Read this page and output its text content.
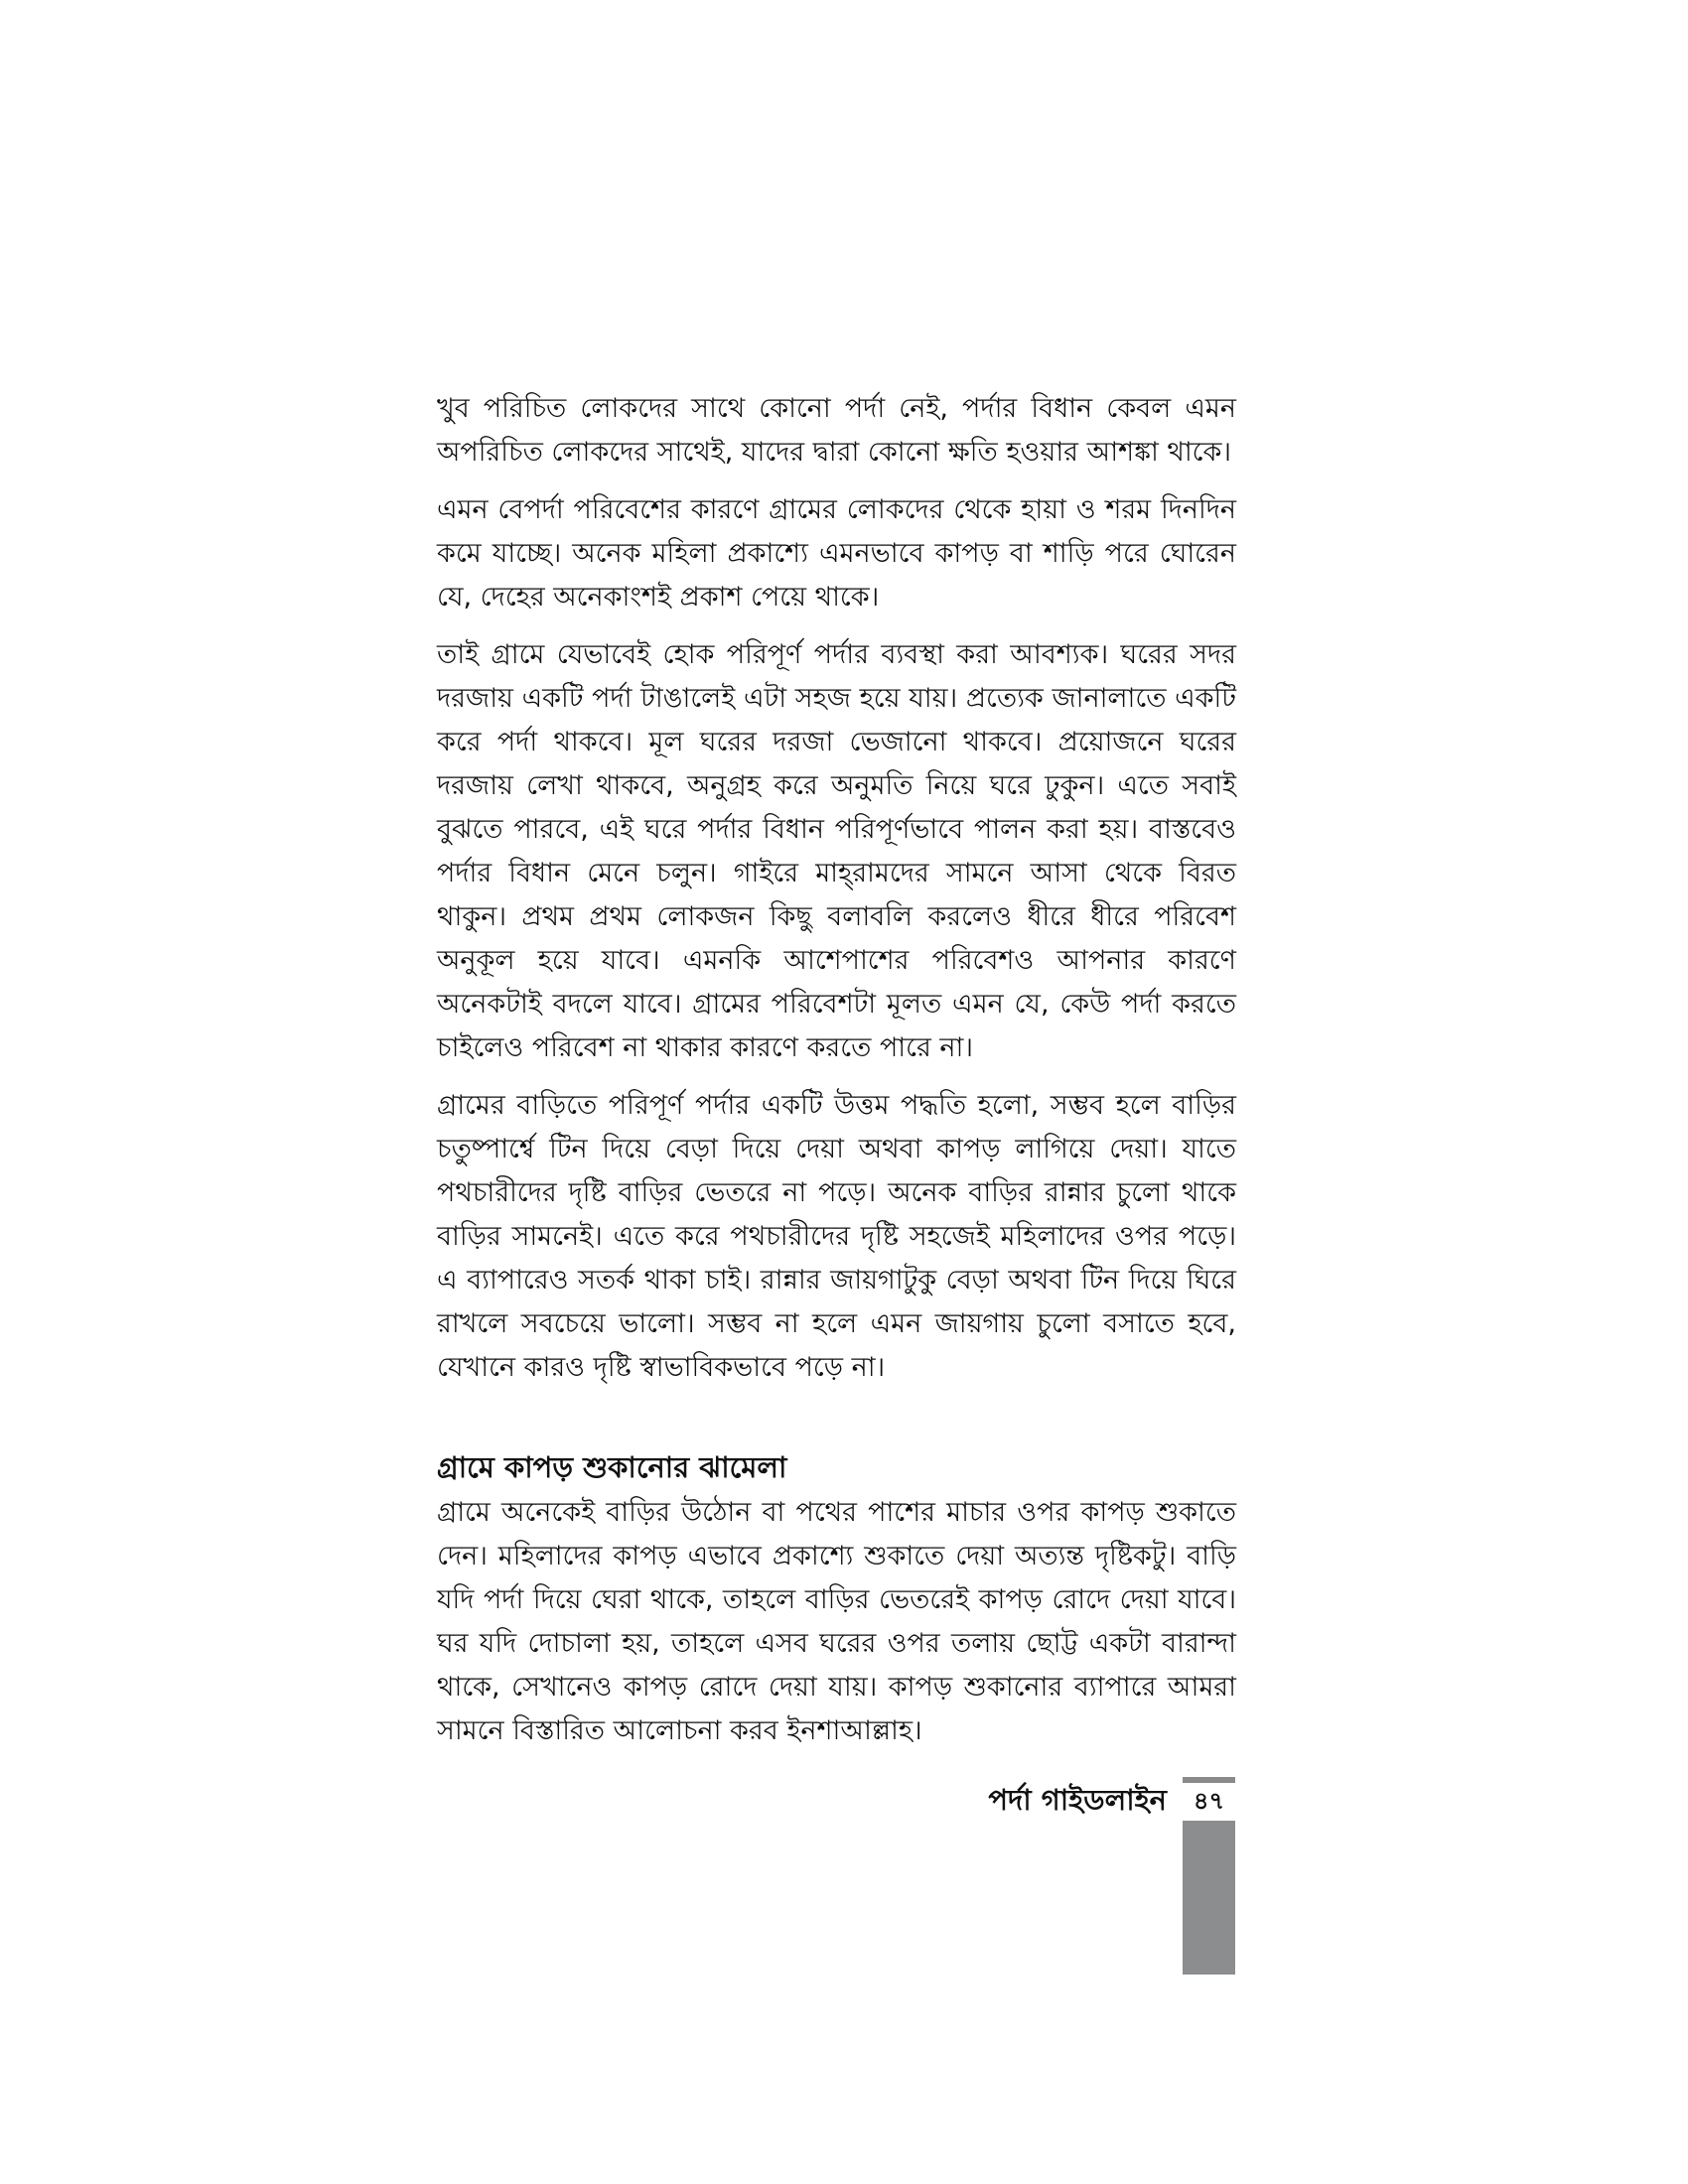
খুব পরিচিত লোকদের সাথে কোনো পর্দা নেই, পর্দার বিধান কেবল এমন অপরিচিত লোকদের সাথেই, যাদের দ্বারা কোনো ক্ষতি হওয়ার আশঙ্কা থাকে।

এমন বেপর্দা পরিবেশের কারণে গ্রামের লোকদের থেকে হায়া ও শরম দিনদিন কমে যাচ্ছে। অনেক মহিলা প্রকাশ্যে এমনভাবে কাপড় বা শাড়ি পরে ঘোরেন যে, দেহের অনেকাংশই প্রকাশ পেয়ে থাকে।

তাই গ্রামে যেভাবেই হোক পরিপূর্ণ পর্দার ব্যবস্থা করা আবশ্যক। ঘরের সদর দরজায় একটি পর্দা টাঙালেই এটা সহজ হয়ে যায়। প্রত্যেক জানালাতে একটি করে পর্দা থাকবে। মূল ঘরের দরজা ভেজানো থাকবে। প্রয়োজনে ঘরের দরজায় লেখা থাকবে, অনুগ্রহ করে অনুমতি নিয়ে ঘরে ঢুকুন। এতে সবাই বুঝতে পারবে, এই ঘরে পর্দার বিধান পরিপূর্ণভাবে পালন করা হয়। বাস্তবেও পর্দার বিধান মেনে চলুন। গাইরে মাহ্‌রামদের সামনে আসা থেকে বিরত থাকুন। প্রথম প্রথম লোকজন কিছু বলাবলি করলেও ধীরে ধীরে পরিবেশ অনুকূল হয়ে যাবে। এমনকি আশেপাশের পরিবেশও আপনার কারণে অনেকটাই বদলে যাবে। গ্রামের পরিবেশটা মূলত এমন যে, কেউ পর্দা করতে চাইলেও পরিবেশ না থাকার কারণে করতে পারে না।

গ্রামের বাড়িতে পরিপূর্ণ পর্দার একটি উত্তম পদ্ধতি হলো, সম্ভব হলে বাড়ির চতুষ্পার্শ্বে টিন দিয়ে বেড়া দিয়ে দেয়া অথবা কাপড় লাগিয়ে দেয়া। যাতে পথচারীদের দৃষ্টি বাড়ির ভেতরে না পড়ে। অনেক বাড়ির রান্নার চুলো থাকে বাড়ির সামনেই। এতে করে পথচারীদের দৃষ্টি সহজেই মহিলাদের ওপর পড়ে। এ ব্যাপারেও সতর্ক থাকা চাই। রান্নার জায়গাটুকু বেড়া অথবা টিন দিয়ে ঘিরে রাখলে সবচেয়ে ভালো। সম্ভব না হলে এমন জায়গায় চুলো বসাতে হবে, যেখানে কারও দৃষ্টি স্বাভাবিকভাবে পড়ে না।

গ্রামে কাপড় শুকানোর ঝামেলা

গ্রামে অনেকেই বাড়ির উঠোন বা পথের পাশের মাচার ওপর কাপড় শুকাতে দেন। মহিলাদের কাপড় এভাবে প্রকাশ্যে শুকাতে দেয়া অত্যন্ত দৃষ্টিকটু। বাড়ি যদি পর্দা দিয়ে ঘেরা থাকে, তাহলে বাড়ির ভেতরেই কাপড় রোদে দেয়া যাবে। ঘর যদি দোচালা হয়, তাহলে এসব ঘরের ওপর তলায় ছোট্ট একটা বারান্দা থাকে, সেখানেও কাপড় রোদে দেয়া যায়। কাপড় শুকানোর ব্যাপারে আমরা সামনে বিস্তারিত আলোচনা করব ইনশাআল্লাহ।

পর্দা গাইডলাইন	৪৭
